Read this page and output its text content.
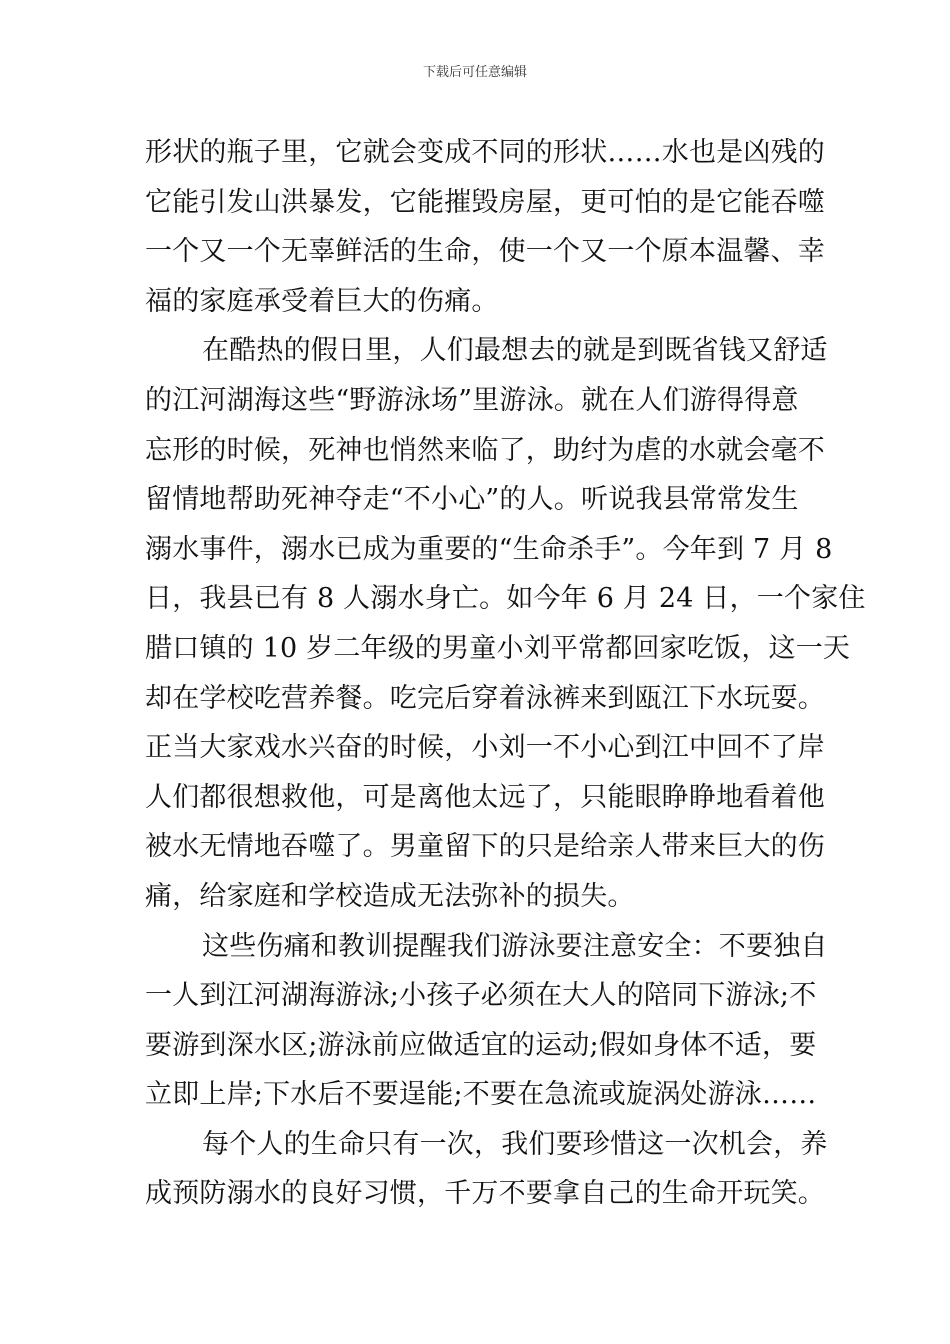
下载后可任意编辑
形状的瓶子里，它就会变成不同的形状……水也是凶残的
它能引发山洪暴发，它能摧毁房屋，更可怕的是它能吞噬
一个又一个无辜鲜活的生命，使一个又一个原本温馨、幸
福的家庭承受着巨大的伤痛。
在酷热的假日里，人们最想去的就是到既省钱又舒适
的江河湖海这些“野游泳场”里游泳。就在人们游得得意
忘形的时候，死神也悄然来临了，助纣为虐的水就会毫不
留情地帮助死神夺走“不小心”的人。听说我县常常发生
溺水事件，溺水已成为重要的“生命杀手”。今年到 7 月 8
日，我县已有 8 人溺水身亡。如今年 6 月 24 日，一个家住
腊口镇的 10 岁二年级的男童小刘平常都回家吃饭，这一天
却在学校吃营养餐。吃完后穿着泳裤来到瓯江下水玩耍。
正当大家戏水兴奋的时候，小刘一不小心到江中回不了岸
人们都很想救他，可是离他太远了，只能眼睁睁地看着他
被水无情地吞噬了。男童留下的只是给亲人带来巨大的伤
痛，给家庭和学校造成无法弥补的损失。
这些伤痛和教训提醒我们游泳要注意安全：不要独自
一人到江河湖海游泳;小孩子必须在大人的陪同下游泳;不
要游到深水区;游泳前应做适宜的运动;假如身体不适，要
立即上岸;下水后不要逞能;不要在急流或旋涡处游泳……
每个人的生命只有一次，我们要珍惜这一次机会，养
成预防溺水的良好习惯，千万不要拿自己的生命开玩笑。
